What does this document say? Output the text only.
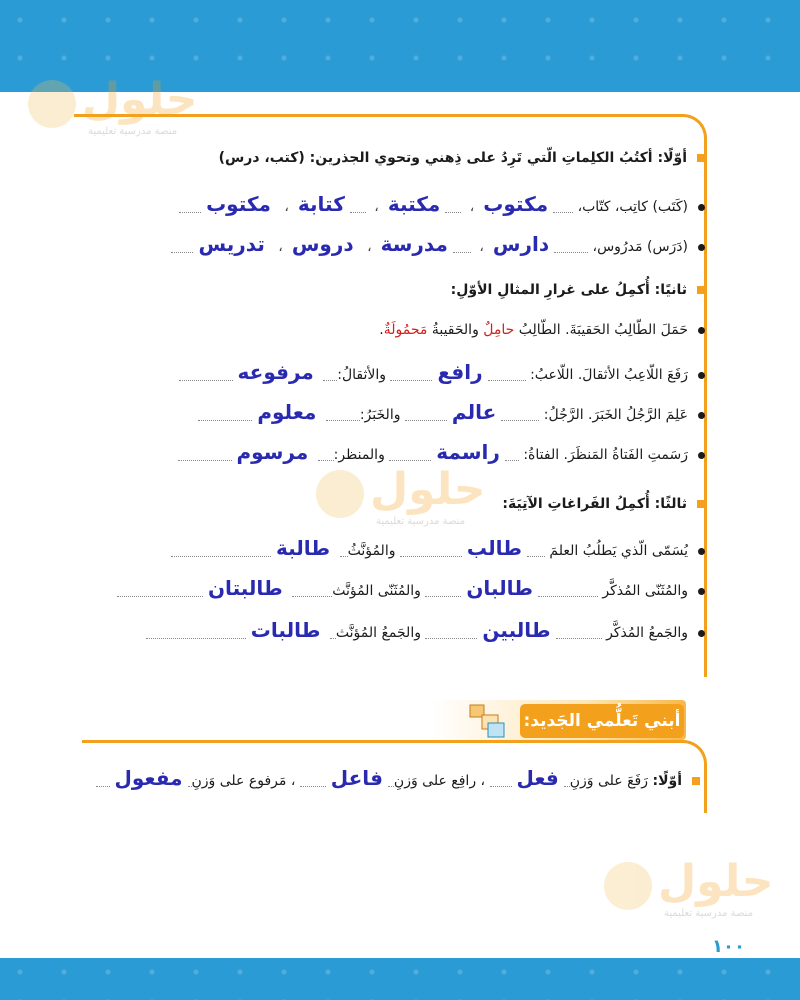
حلول
منصة مدرسية تعليمية
حلول
منصة مدرسية تعليمية
حلول
منصة مدرسية تعليمية
أوّلًا: أكتُبُ الكلِماتِ الّتي تَرِدُ على ذِهني وتحوي الجذرين: (كتب، درس)
(كَتَب) كاتِب، كتّاب، مكتوب، مكتبة، كتابة، مكتوب
(دَرَس) مَدرُوس، دارس، مدرسة، دروس، تدريس
ثانيًا: أُكمِلُ على غرارِ المثالِ الأوّلِ:
حَمَلَ الطّالِبُ الحَقيبَةَ. الطّالِبُ حامِلٌ والحَقيبةُ مَحمُولَةٌ.
رَفَعَ اللّاعِبُ الأثقالَ. اللّاعبُ: رافع والأثقالُ: مرفوعه
عَلِمَ الرَّجُلُ الخَبَرَ. الرَّجُلُ: عالم والخَبَرُ: معلوم
رَسَمتِ الفَتاةُ المَنظَرَ. الفتاةُ: راسمة والمنظر: مرسوم
ثالثًا: أُكمِلُ الفَراغاتِ الآتِيَةَ:
يُسَمّى الّذي يَطلُبُ العلمَ طالب والمُؤنَّثُ طالبة
والمُثَنّى المُذكَّر طالبان والمُثَنّى المُؤنَّث طالبتان
والجَمعُ المُذكَّر طالبين والجَمعُ المُؤنَّث طالبات
أبني تَعلُّمي الجَديد:
أوّلًا: رَفَعَ على وَزنِفعل ، رافِع على وَزنِفاعل ، مَرفوع على وَزنِمفعول
١٠٠
